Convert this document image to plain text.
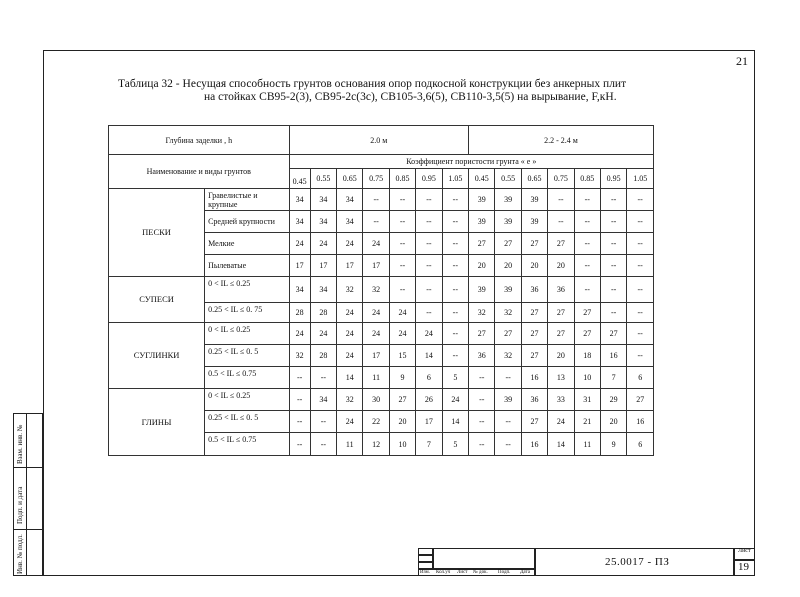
21
Таблица 32 - Несущая способность грунтов основания опор подкосной конструкции без анкерных плит
на стойках СВ95-2(3), СВ95-2с(3с), СВ105-3,6(5), СВ110-3,5(5) на вырывание, F,кН.
Глубина заделки , h		2.0 м							2.2 - 2.4 м						
Наименование и виды грунтов		Коэффициент пористости грунта « е »													
		0.45	0.55	0.65	0.75	0.85	0.95	1.05	0.45	0.55	0.65	0.75	0.85	0.95	1.05
ПЕСКИ	Гравелистые и крупные	34	34	34	--	--	--	--	39	39	39	--	--	--	--
	Средней крупности	34	34	34	--	--	--	--	39	39	39	--	--	--	--
	Мелкие	24	24	24	24	--	--	--	27	27	27	27	--	--	--
	Пылеватые	17	17	17	17	--	--	--	20	20	20	20	--	--	--
СУПЕСИ	0 < IL ≤ 0.25	34	34	32	32	--	--	--	39	39	36	36	--	--	--
	0.25 < IL ≤ 0. 75	28	28	24	24	24	--	--	32	32	27	27	27	--	--
СУГЛИНКИ	0 < IL ≤ 0.25	24	24	24	24	24	24	--	27	27	27	27	27	27	--
	0.25 < IL ≤ 0. 5	32	28	24	17	15	14	--	36	32	27	20	18	16	--
	0.5 < IL ≤ 0.75	--	--	14	11	9	6	5	--	--	16	13	10	7	6
ГЛИНЫ	0 < IL ≤ 0.25	--	34	32	30	27	26	24	--	39	36	33	31	29	27
	0.25 < IL ≤ 0. 5	--	--	24	22	20	17	14	--	--	27	24	21	20	16
	0.5 < IL ≤ 0.75	--	--	11	12	10	7	5	--	--	16	14	11	9	6
Взам. инв. №
Подп. и дата
Инв. № подл.	Изм. Кол.уч Лист № док. Подп. Дата
25.0017 - ПЗ
Лист
19
